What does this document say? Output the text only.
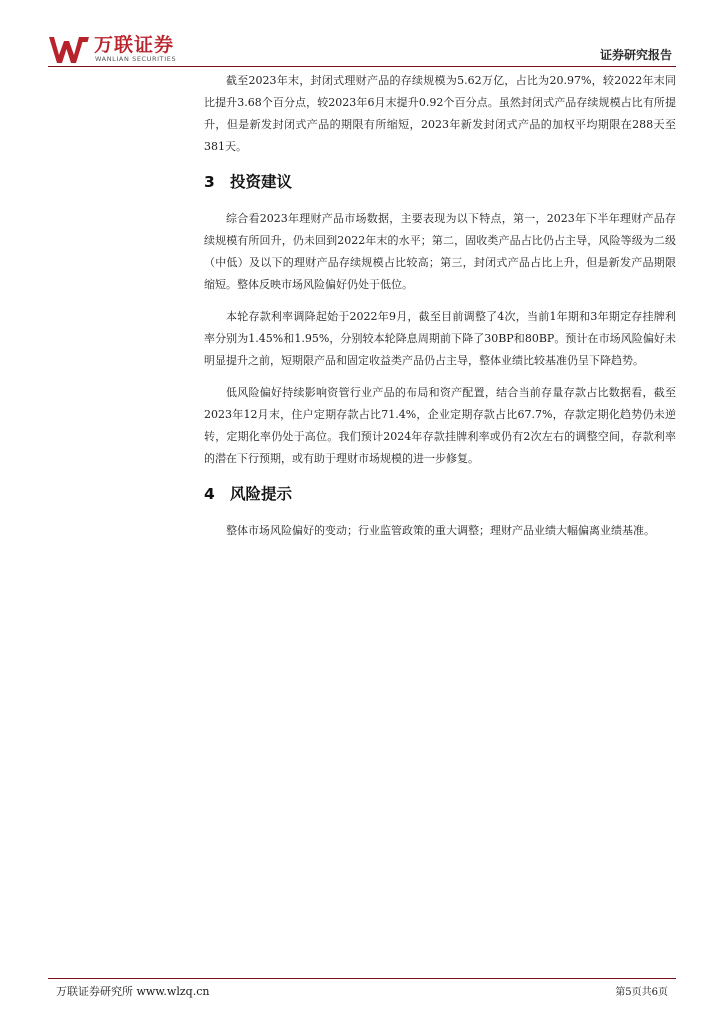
万联证券
WANLIAN SECURITIES	证券研究报告

截至2023年末，封闭式理财产品的存续规模为5.62万亿，占比为20.97%，较2022年末同比提升3.68个百分点，较2023年6月末提升0.92个百分点。虽然封闭式产品存续规模占比有所提升，但是新发封闭式产品的期限有所缩短，2023年新发封闭式产品的加权平均期限在288天至381天。

3 投资建议

综合看2023年理财产品市场数据，主要表现为以下特点，第一，2023年下半年理财产品存续规模有所回升，仍未回到2022年末的水平；第二，固收类产品占比仍占主导，风险等级为二级（中低）及以下的理财产品存续规模占比较高；第三，封闭式产品占比上升，但是新发产品期限缩短。整体反映市场风险偏好仍处于低位。

本轮存款利率调降起始于2022年9月，截至目前调整了4次，当前1年期和3年期定存挂牌利率分别为1.45%和1.95%，分别较本轮降息周期前下降了30BP和80BP。预计在市场风险偏好未明显提升之前，短期限产品和固定收益类产品仍占主导，整体业绩比较基准仍呈下降趋势。

低风险偏好持续影响资管行业产品的布局和资产配置，结合当前存量存款占比数据看，截至2023年12月末，住户定期存款占比71.4%，企业定期存款占比67.7%，存款定期化趋势仍未逆转，定期化率仍处于高位。我们预计2024年存款挂牌利率或仍有2次左右的调整空间，存款利率的潜在下行预期，或有助于理财市场规模的进一步修复。

4 风险提示

整体市场风险偏好的变动；行业监管政策的重大调整；理财产品业绩大幅偏离业绩基准。

万联证券研究所 www.wlzq.cn	第5页共6页
